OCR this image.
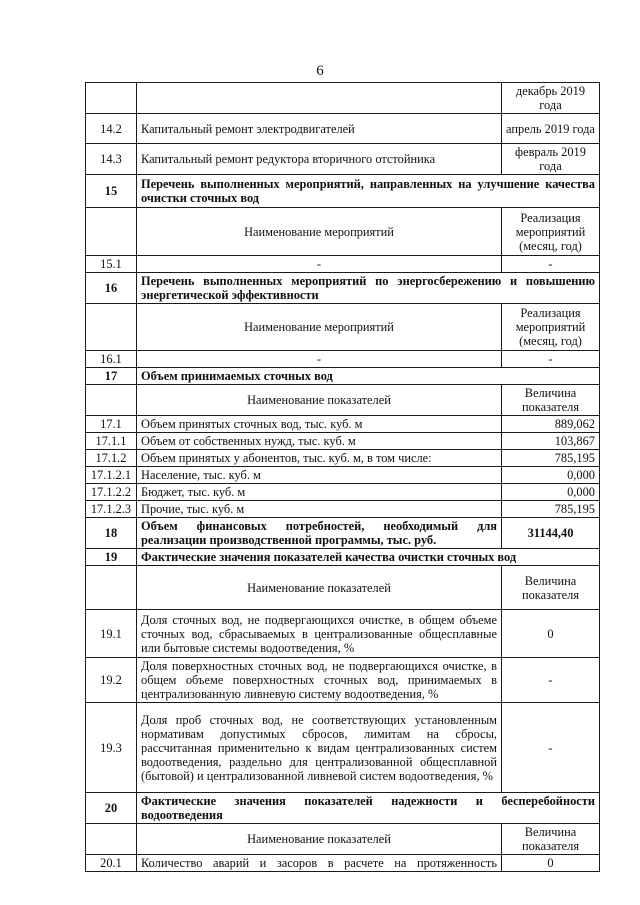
6
		декабрь 2019 года
14.2	Капитальный ремонт электродвигателей	апрель 2019 года
14.3	Капитальный ремонт редуктора вторичного отстойника	февраль 2019 года
15	Перечень выполненных мероприятий, направленных на улучшение качества очистки сточных вод	
	Наименование мероприятий	Реализация мероприятий (месяц, год)
15.1	-	-
16	Перечень выполненных мероприятий по энергосбережению и повышению энергетической эффективности	
	Наименование мероприятий	Реализация мероприятий (месяц, год)
16.1	-	-
17	Объем принимаемых сточных вод	
	Наименование показателей	Величина показателя
17.1	Объем принятых сточных вод, тыс. куб. м	889,062
17.1.1	Объем от собственных нужд, тыс. куб. м	103,867
17.1.2	Объем принятых у абонентов, тыс. куб. м, в том числе:	785,195
17.1.2.1	Население, тыс. куб. м	0,000
17.1.2.2	Бюджет, тыс. куб. м	0,000
17.1.2.3	Прочие, тыс. куб. м	785,195
18	Объем финансовых потребностей, необходимый для реализации производственной программы, тыс. руб.	31144,40
19	Фактические значения показателей качества очистки сточных вод	
	Наименование показателей	Величина показателя
19.1	Доля сточных вод, не подвергающихся очистке, в общем объеме сточных вод, сбрасываемых в централизованные общесплавные или бытовые системы водоотведения, %	0
19.2	Доля поверхностных сточных вод, не подвергающихся очистке, в общем объеме поверхностных сточных вод, принимаемых в централизованную ливневую систему водоотведения, %	-
19.3	Доля проб сточных вод, не соответствующих установленным нормативам допустимых сбросов, лимитам на сбросы, рассчитанная применительно к видам централизованных систем водоотведения, раздельно для централизованной общесплавной (бытовой) и централизованной ливневой систем водоотведения, %	-
20	Фактические значения показателей надежности и бесперебойности водоотведения	
	Наименование показателей	Величина показателя
20.1	Количество аварий и засоров в расчете на протяженность	0
